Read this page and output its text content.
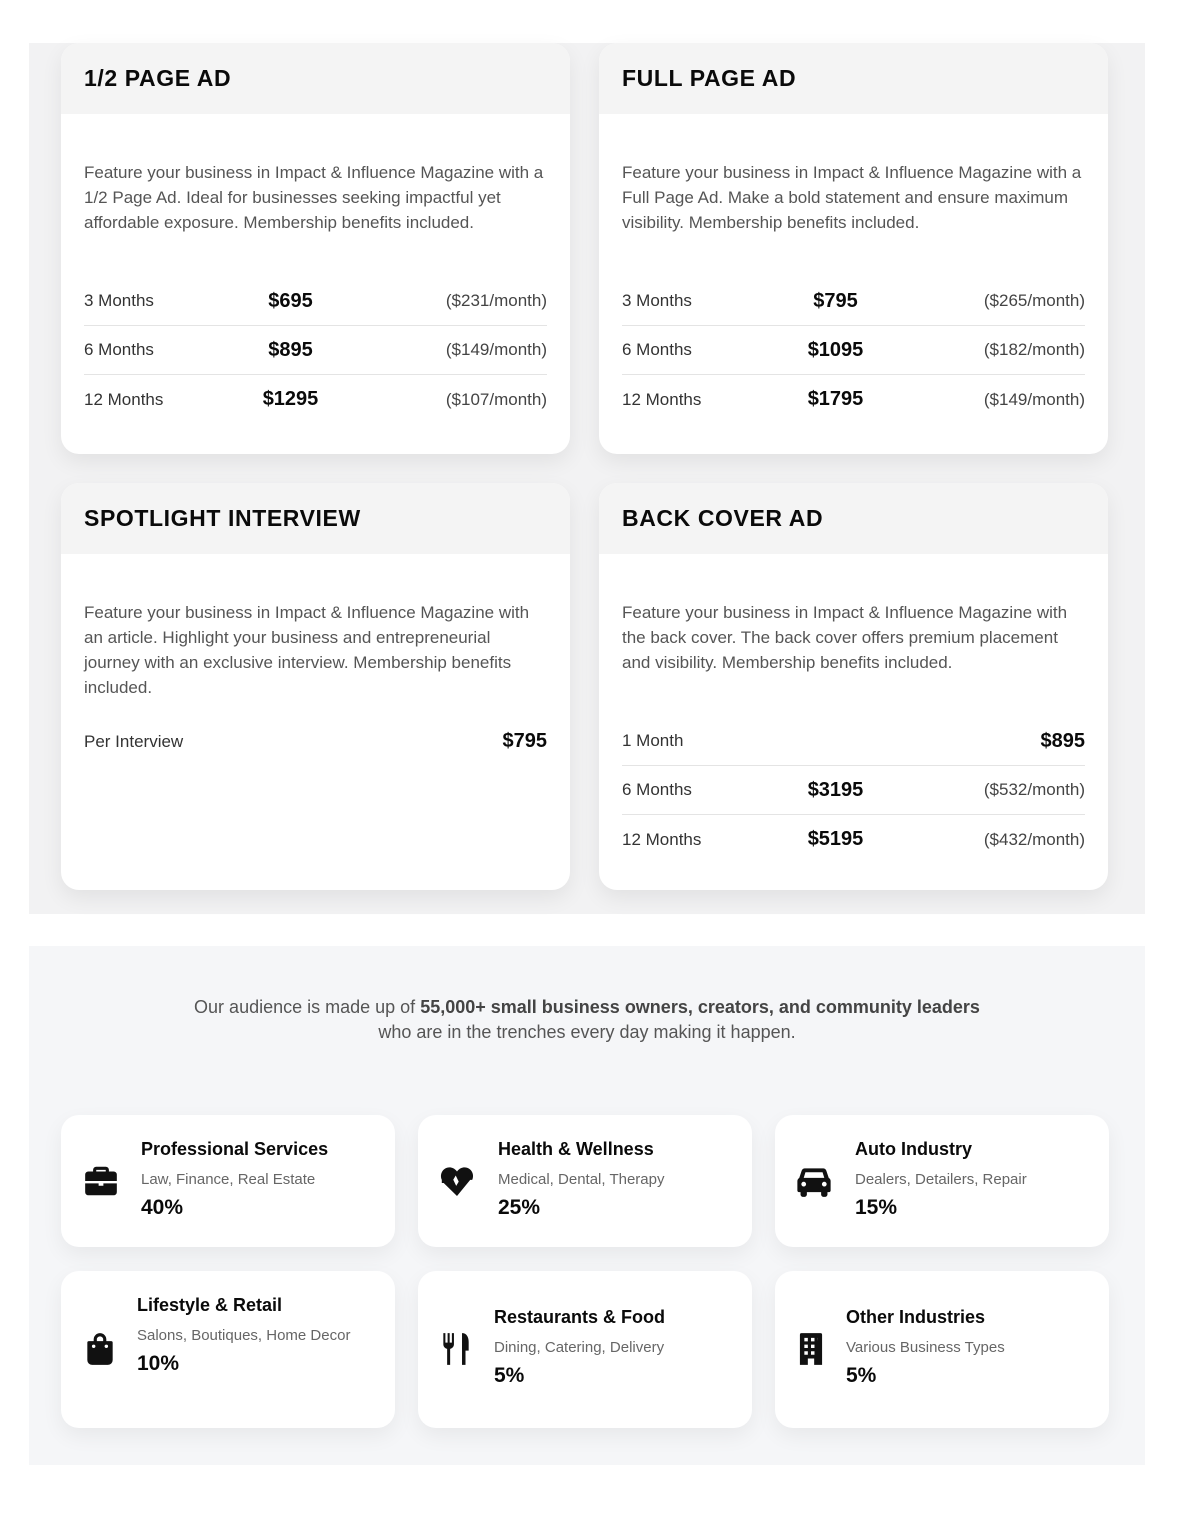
1/2 PAGE AD

Feature your business in Impact & Influence Magazine with a 1/2 Page Ad. Ideal for businesses seeking impactful yet affordable exposure. Membership benefits included.

3 Months	$695	($231/month)
6 Months	$895	($149/month)
12 Months	$1295	($107/month)
FULL PAGE AD

Feature your business in Impact & Influence Magazine with a Full Page Ad. Make a bold statement and ensure maximum visibility. Membership benefits included.

3 Months	$795	($265/month)
6 Months	$1095	($182/month)
12 Months	$1795	($149/month)
SPOTLIGHT INTERVIEW

Feature your business in Impact & Influence Magazine with an article. Highlight your business and entrepreneurial journey with an exclusive interview. Membership benefits included.

Per Interview	$795
BACK COVER AD

Feature your business in Impact & Influence Magazine with the back cover. The back cover offers premium placement and visibility. Membership benefits included.

1 Month	$895
6 Months	$3195	($532/month)
12 Months	$5195	($432/month)

Our audience is made up of 55,000+ small business owners, creators, and community leaders
who are in the trenches every day making it happen.

Professional Services
Law, Finance, Real Estate
40%
Health & Wellness
Medical, Dental, Therapy
25%
Auto Industry
Dealers, Detailers, Repair
15%
Lifestyle & Retail
Salons, Boutiques, Home Decor
10%
Restaurants & Food
Dining, Catering, Delivery
5%
Other Industries
Various Business Types
5%
